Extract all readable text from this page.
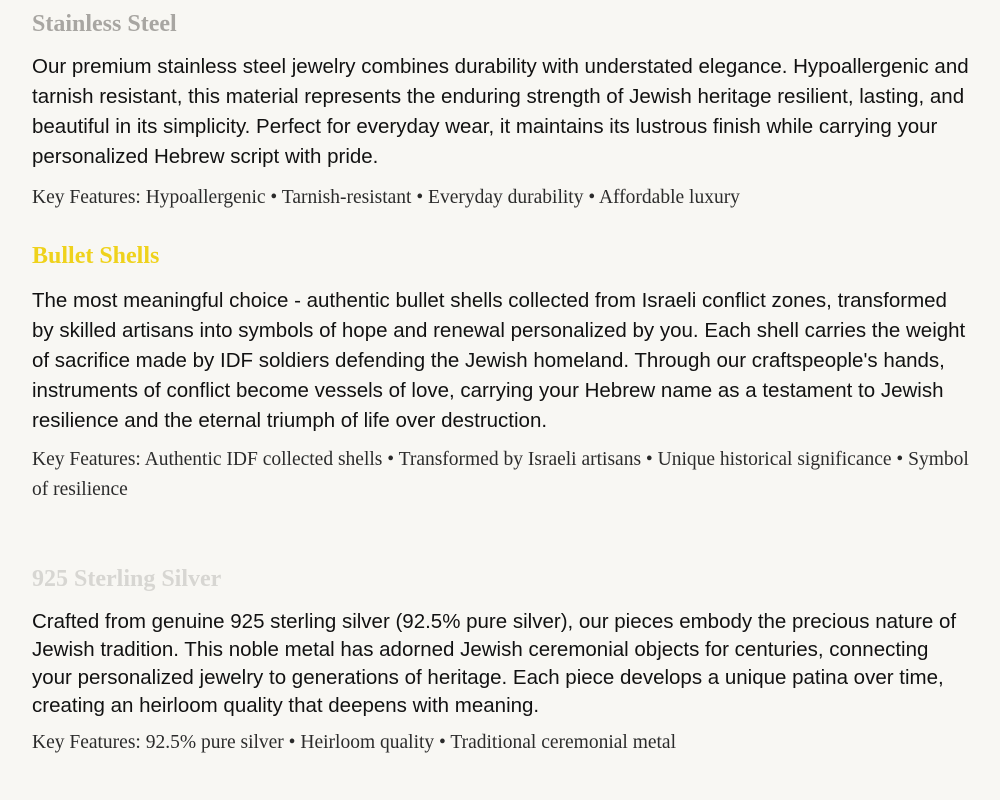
Stainless Steel

Our premium stainless steel jewelry combines durability with understated elegance. Hypoallergenic and tarnish resistant, this material represents the enduring strength of Jewish heritage resilient, lasting, and beautiful in its simplicity. Perfect for everyday wear, it maintains its lustrous finish while carrying your personalized Hebrew script with pride.

Key Features: Hypoallergenic • Tarnish-resistant • Everyday durability • Affordable luxury

Bullet Shells

The most meaningful choice - authentic bullet shells collected from Israeli conflict zones, transformed by skilled artisans into symbols of hope and renewal personalized by you. Each shell carries the weight of sacrifice made by IDF soldiers defending the Jewish homeland. Through our craftspeople's hands, instruments of conflict become vessels of love, carrying your Hebrew name as a testament to Jewish resilience and the eternal triumph of life over destruction.

Key Features: Authentic IDF collected shells • Transformed by Israeli artisans • Unique historical significance • Symbol of resilience

925 Sterling Silver

Crafted from genuine 925 sterling silver (92.5% pure silver), our pieces embody the precious nature of Jewish tradition. This noble metal has adorned Jewish ceremonial objects for centuries, connecting your personalized jewelry to generations of heritage. Each piece develops a unique patina over time, creating an heirloom quality that deepens with meaning.

Key Features: 92.5% pure silver • Heirloom quality • Traditional ceremonial metal
